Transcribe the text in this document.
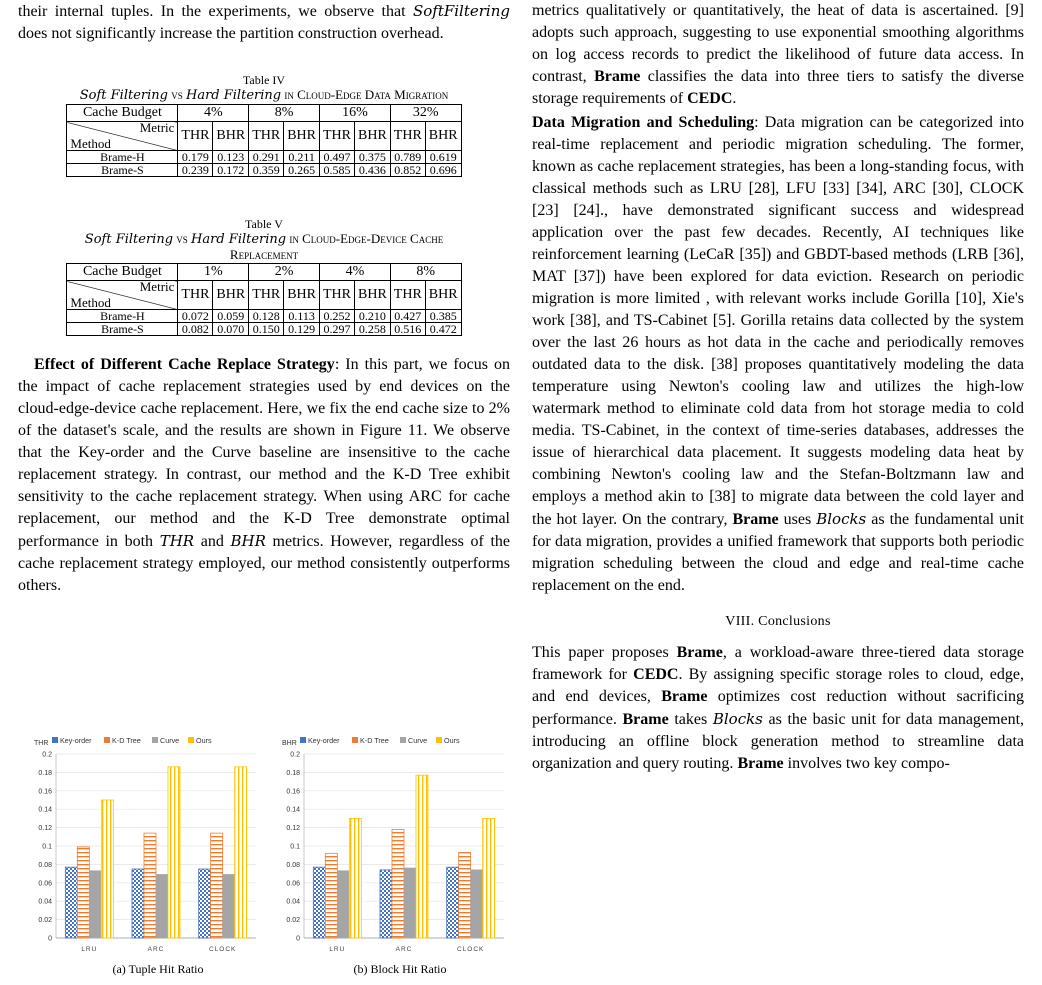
their internal tuples. In the experiments, we observe that SoftFiltering does not significantly increase the partition construction overhead.

Table IV
Soft Filtering vs Hard Filtering in Cloud-Edge Data Migration
Cache Budget	4%		8%		16%		32%	

Metric
Method	THR	BHR	THR	BHR	THR	BHR	THR	BHR
Brame-H	0.179	0.123	0.291	0.211	0.497	0.375	0.789	0.619
Brame-S	0.239	0.172	0.359	0.265	0.585	0.436	0.852	0.696
Table V
Soft Filtering vs Hard Filtering in Cloud-Edge-Device Cache
Replacement
Cache Budget	1%		2%		4%		8%	

Metric
Method	THR	BHR	THR	BHR	THR	BHR	THR	BHR
Brame-H	0.072	0.059	0.128	0.113	0.252	0.210	0.427	0.385
Brame-S	0.082	0.070	0.150	0.129	0.297	0.258	0.516	0.472

Effect of Different Cache Replace Strategy: In this part, we focus on the impact of cache replacement strategies used by end devices on the cloud-edge-device cache replacement. Here, we fix the end cache size to 2% of the dataset's scale, and the results are shown in Figure 11. We observe that the Key-order and the Curve baseline are insensitive to the cache replacement strategy. In contrast, our method and the K-D Tree exhibit sensitivity to the cache replacement strategy. When using ARC for cache replacement, our method and the K-D Tree demonstrate optimal performance in both THR and BHR metrics. However, regardless of the cache replacement strategy employed, our method consistently outperforms others.

THR
0
0.02
0.04
0.06
0.08
0.1
0.12
0.14
0.16
0.18
0.2
Key-order	K-D Tree	Curve Ours
LRU	ARC	CLOCK
BHR
0
0.02
0.04
0.06
0.08
0.1
0.12
0.14
0.16
0.18
0.2
Key-order	K-D Tree	Curve Ours
LRU	ARC	CLOCK
(a) Tuple Hit Ratio	(b) Block Hit Ratio

metrics qualitatively or quantitatively, the heat of data is ascertained. [9] adopts such approach, suggesting to use exponential smoothing algorithms on log access records to predict the likelihood of future data access. In contrast, Brame classifies the data into three tiers to satisfy the diverse storage requirements of CEDC.

Data Migration and Scheduling: Data migration can be categorized into real-time replacement and periodic migration scheduling. The former, known as cache replacement strategies, has been a long-standing focus, with classical methods such as LRU [28], LFU [33] [34], ARC [30], CLOCK [23] [24]., have demonstrated significant success and widespread application over the past few decades. Recently, AI techniques like reinforcement learning (LeCaR [35]) and GBDT-based methods (LRB [36], MAT [37]) have been explored for data eviction. Research on periodic migration is more limited , with relevant works include Gorilla [10], Xie's work [38], and TS-Cabinet [5]. Gorilla retains data collected by the system over the last 26 hours as hot data in the cache and periodically removes outdated data to the disk. [38] proposes quantitatively modeling the data temperature using Newton's cooling law and utilizes the high-low watermark method to eliminate cold data from hot storage media to cold media. TS-Cabinet, in the context of time-series databases, addresses the issue of hierarchical data placement. It suggests modeling data heat by combining Newton's cooling law and the Stefan-Boltzmann law and employs a method akin to [38] to migrate data between the cold layer and the hot layer. On the contrary, Brame uses Blocks as the fundamental unit for data migration, provides a unified framework that supports both periodic migration scheduling between the cloud and edge and real-time cache replacement on the end.

VIII. Conclusions

This paper proposes Brame, a workload-aware three-tiered data storage framework for CEDC. By assigning specific storage roles to cloud, edge, and end devices, Brame optimizes cost reduction without sacrificing performance. Brame takes Blocks as the basic unit for data management, introducing an offline block generation method to streamline data organization and query routing. Brame involves two key compo-
